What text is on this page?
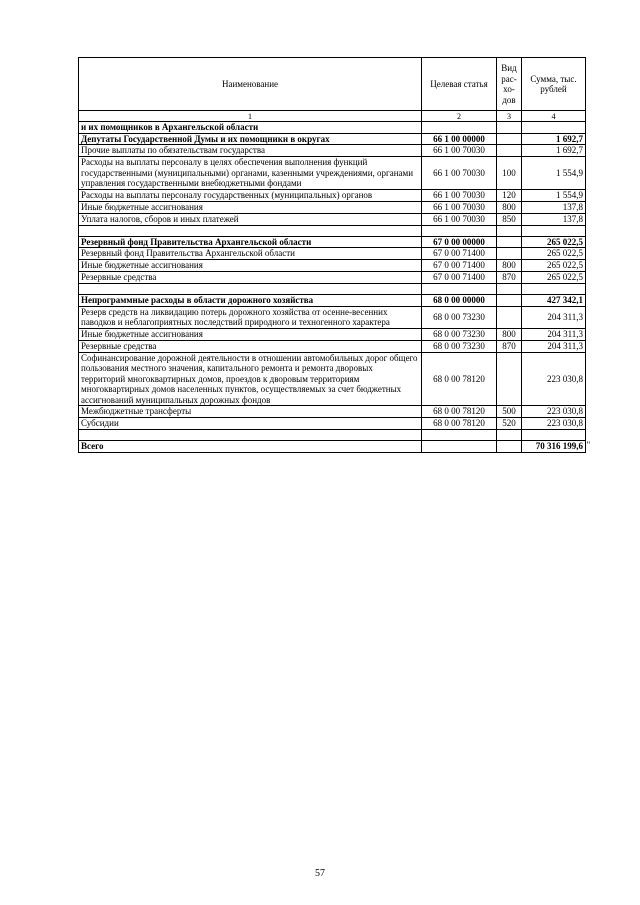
Наименование	Целевая статья	Вид рас-хо-дов	Сумма, тыс. рублей
1	2	3	4
и их помощников в Архангельской области			
Депутаты Государственной Думы и их помощники в округах	66 1 00 00000		1 692,7
Прочие выплаты по обязательствам государства	66 1 00 70030		1 692,7
Расходы на выплаты персоналу в целях обеспечения выполнения функций государственными (муниципальными) органами, казенными учреждениями, органами управления государственными внебюджетными фондами	66 1 00 70030	100	1 554,9
Расходы на выплаты персоналу государственных (муниципальных) органов	66 1 00 70030	120	1 554,9
Иные бюджетные ассигнования	66 1 00 70030	800	137,8
Уплата налогов, сборов и иных платежей	66 1 00 70030	850	137,8

Резервный фонд Правительства Архангельской области	67 0 00 00000		265 022,5
Резервный фонд Правительства Архангельской области	67 0 00 71400		265 022,5
Иные бюджетные ассигнования	67 0 00 71400	800	265 022,5
Резервные средства	67 0 00 71400	870	265 022,5

Непрограммные расходы в области дорожного хозяйства	68 0 00 00000		427 342,1
Резерв средств на ликвидацию потерь дорожного хозяйства от осенне-весенних паводков и неблагоприятных последствий природного и техногенного характера	68 0 00 73230		204 311,3
Иные бюджетные ассигнования	68 0 00 73230	800	204 311,3
Резервные средства	68 0 00 73230	870	204 311,3
Софинансирование дорожной деятельности в отношении автомобильных дорог общего пользования местного значения, капитального ремонта и ремонта дворовых территорий многоквартирных домов, проездов к дворовым территориям многоквартирных домов населенных пунктов, осуществляемых за счет бюджетных ассигнований муниципальных дорожных фондов	68 0 00 78120		223 030,8
Межбюджетные трансферты	68 0 00 78120	500	223 030,8
Субсидии	68 0 00 78120	520	223 030,8

Всего			70 316 199,6
57
"
